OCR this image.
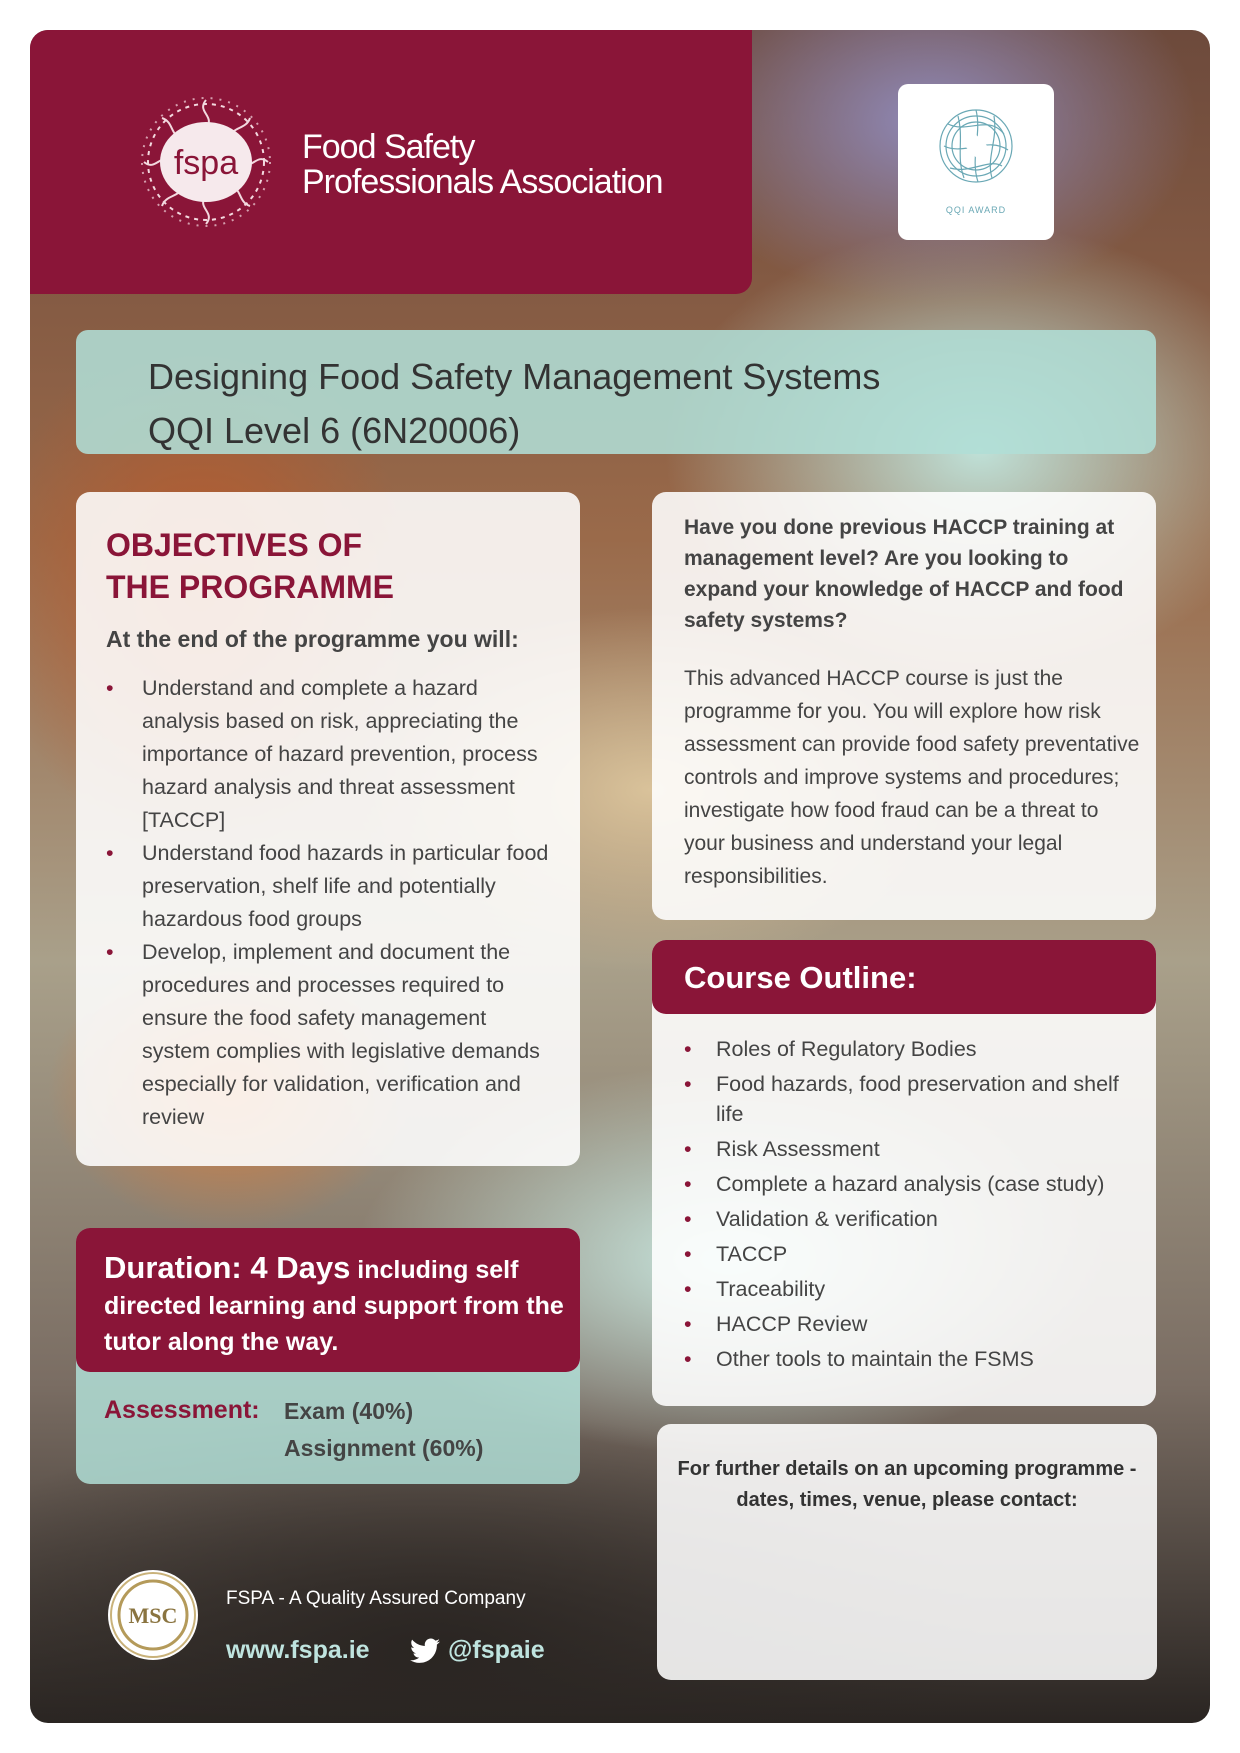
fspa Food Safety
Professionals Association
QQI AWARD
Designing Food Safety Management Systems
QQI Level 6 (6N20006)
OBJECTIVES OF
THE PROGRAMME
At the end of the programme you will:
• Understand and complete a hazard analysis based on risk, appreciating the importance of hazard prevention, process hazard analysis and threat assessment [TACCP]
• Understand food hazards in particular food preservation, shelf life and potentially hazardous food groups
• Develop, implement and document the procedures and processes required to ensure the food safety management system complies with legislative demands especially for validation, verification and review
Have you done previous HACCP training at management level? Are you looking to expand your knowledge of HACCP and food safety systems?
This advanced HACCP course is just the programme for you. You will explore how risk assessment can provide food safety preventative controls and improve systems and procedures; investigate how food fraud can be a threat to your business and understand your legal responsibilities.
Course Outline:
• Roles of Regulatory Bodies
• Food hazards, food preservation and shelf life
• Risk Assessment
• Complete a hazard analysis (case study)
• Validation & verification
• TACCP
• Traceability
• HACCP Review
• Other tools to maintain the FSMS
Duration: 4 Days including self directed learning and support from the tutor along the way.
Assessment: Exam (40%)
Assignment (60%)
For further details on an upcoming programme - dates, times, venue, please contact:
MSC
FSPA - A Quality Assured Company
www.fspa.ie	@fspaie
